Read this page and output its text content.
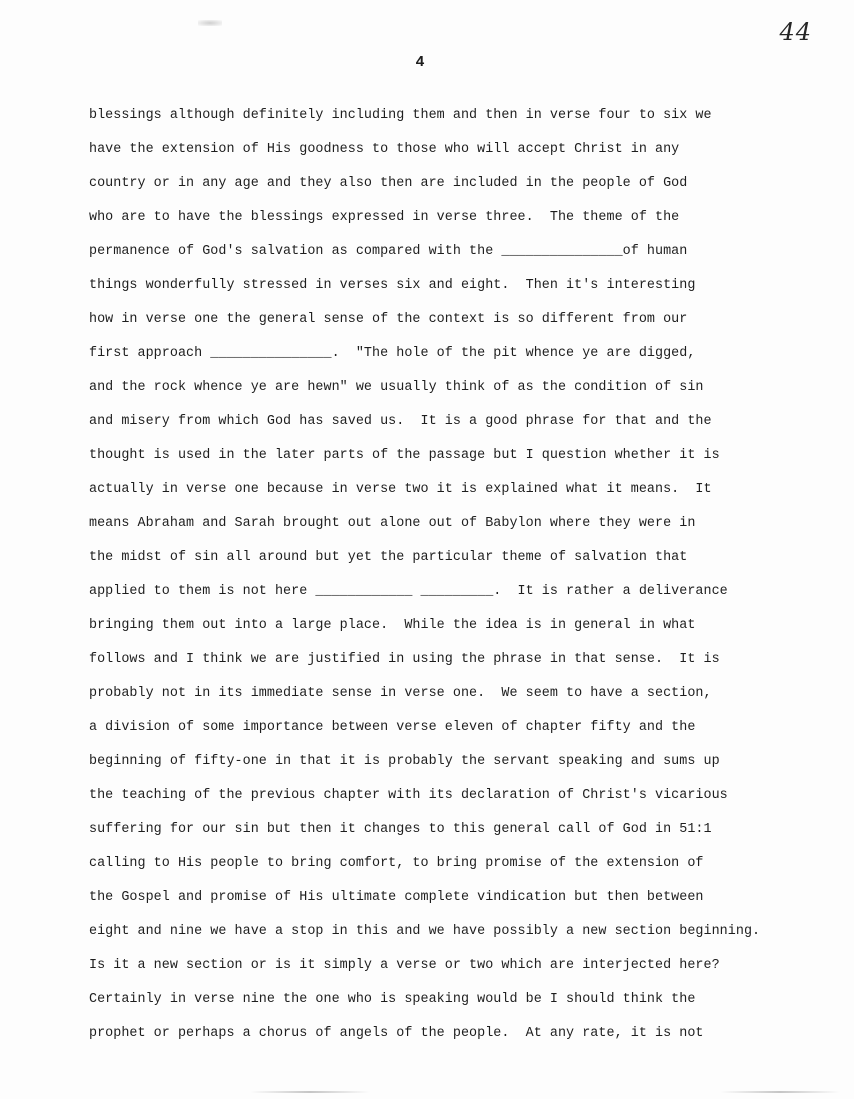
44
4
blessings although definitely including them and then in verse four to six we
have the extension of His goodness to those who will accept Christ in any
country or in any age and they also then are included in the people of God
who are to have the blessings expressed in verse three.  The theme of the
permanence of God's salvation as compared with the _______________of human
things wonderfully stressed in verses six and eight.  Then it's interesting
how in verse one the general sense of the context is so different from our
first approach _______________.  "The hole of the pit whence ye are digged,
and the rock whence ye are hewn" we usually think of as the condition of sin
and misery from which God has saved us.  It is a good phrase for that and the
thought is used in the later parts of the passage but I question whether it is
actually in verse one because in verse two it is explained what it means.  It
means Abraham and Sarah brought out alone out of Babylon where they were in
the midst of sin all around but yet the particular theme of salvation that
applied to them is not here ____________ _________.  It is rather a deliverance
bringing them out into a large place.  While the idea is in general in what
follows and I think we are justified in using the phrase in that sense.  It is
probably not in its immediate sense in verse one.  We seem to have a section,
a division of some importance between verse eleven of chapter fifty and the
beginning of fifty-one in that it is probably the servant speaking and sums up
the teaching of the previous chapter with its declaration of Christ's vicarious
suffering for our sin but then it changes to this general call of God in 51:1
calling to His people to bring comfort, to bring promise of the extension of
the Gospel and promise of His ultimate complete vindication but then between
eight and nine we have a stop in this and we have possibly a new section beginning.
Is it a new section or is it simply a verse or two which are interjected here?
Certainly in verse nine the one who is speaking would be I should think the
prophet or perhaps a chorus of angels of the people.  At any rate, it is not
